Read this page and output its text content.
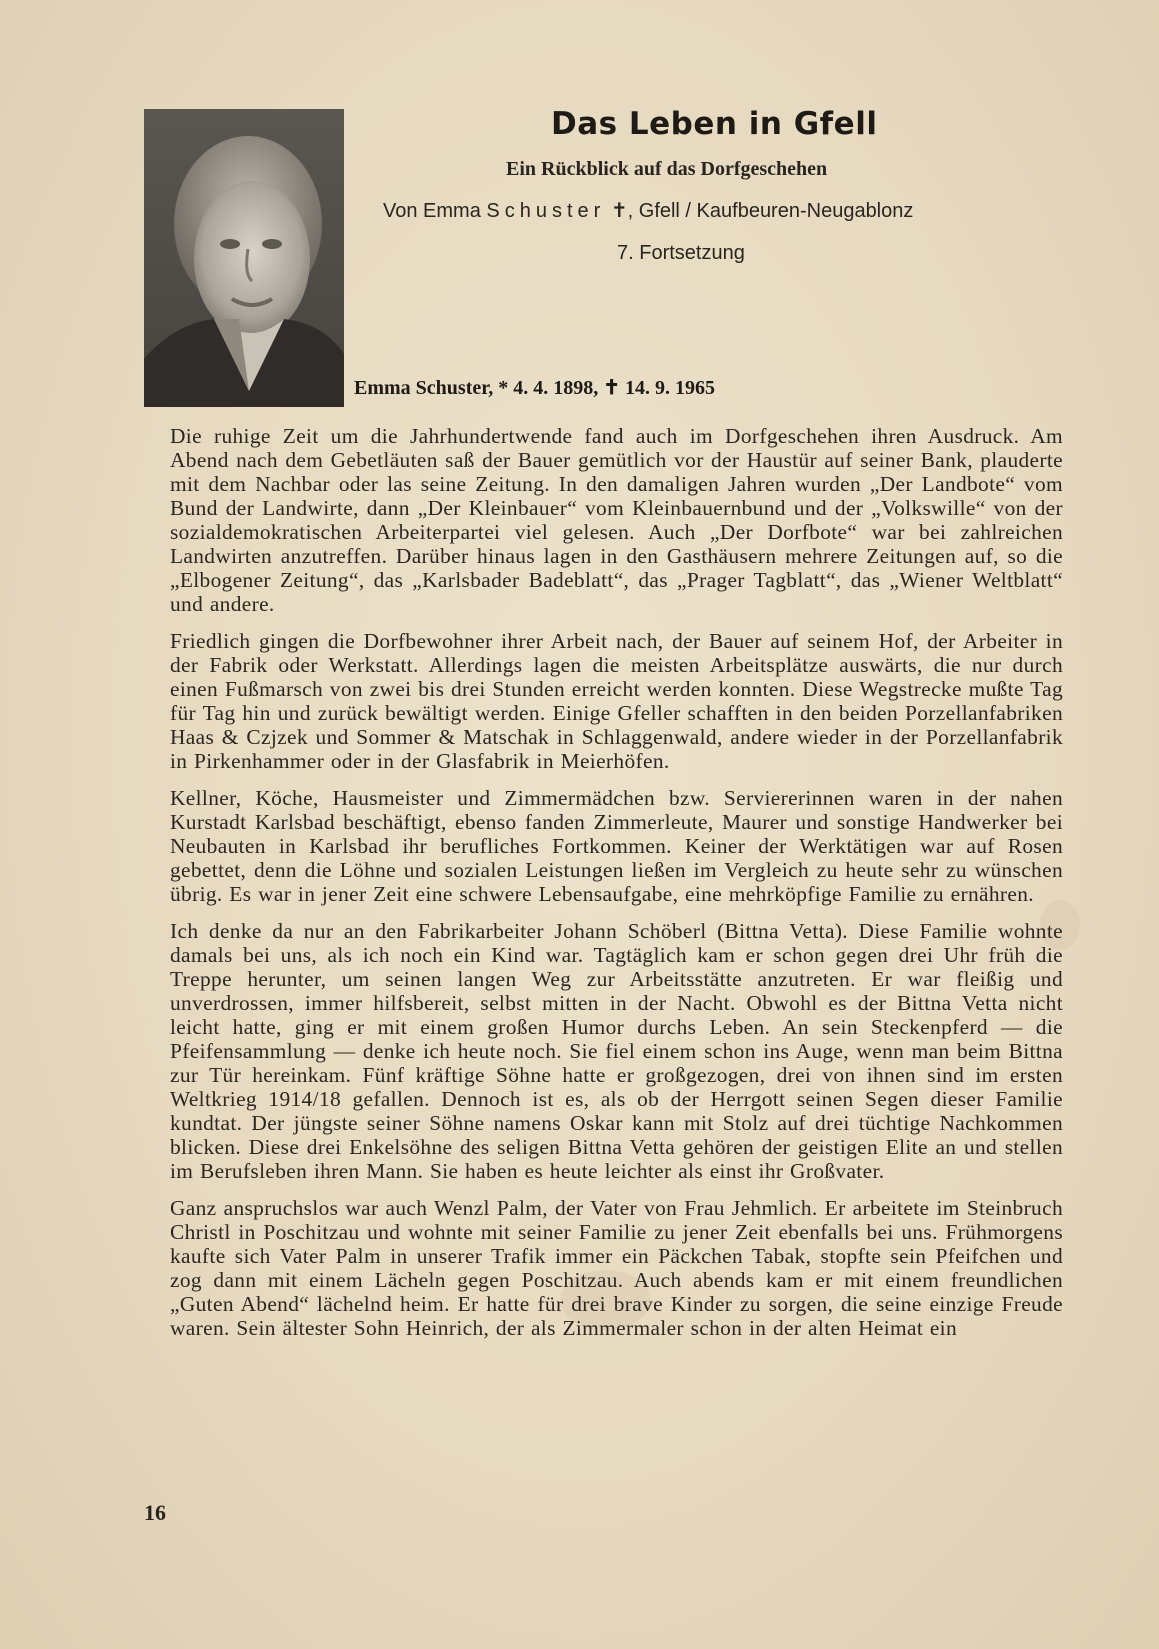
Das Leben in Gfell
Ein Rückblick auf das Dorfgeschehen
Von Emma Schuster ✝, Gfell / Kaufbeuren-Neugablonz
7. Fortsetzung
Emma Schuster, * 4. 4. 1898, ✝ 14. 9. 1965

Die ruhige Zeit um die Jahrhundertwende fand auch im Dorfgeschehen ihren Ausdruck. Am Abend nach dem Gebetläuten saß der Bauer gemütlich vor der Haustür auf seiner Bank, plauderte mit dem Nachbar oder las seine Zeitung. In den damaligen Jahren wurden „Der Landbote“ vom Bund der Landwirte, dann „Der Kleinbauer“ vom Kleinbauernbund und der „Volkswille“ von der sozialdemokratischen Arbeiterpartei viel gelesen. Auch „Der Dorfbote“ war bei zahlreichen Landwirten anzutreffen. Darüber hinaus lagen in den Gasthäusern mehrere Zeitungen auf, so die „Elbogener Zeitung“, das „Karlsbader Badeblatt“, das „Prager Tagblatt“, das „Wiener Weltblatt“ und andere.

Friedlich gingen die Dorfbewohner ihrer Arbeit nach, der Bauer auf seinem Hof, der Arbeiter in der Fabrik oder Werkstatt. Allerdings lagen die meisten Arbeitsplätze auswärts, die nur durch einen Fußmarsch von zwei bis drei Stunden erreicht werden konnten. Diese Wegstrecke mußte Tag für Tag hin und zurück bewältigt werden. Einige Gfeller schafften in den beiden Porzellanfabriken Haas & Czjzek und Sommer & Matschak in Schlaggenwald, andere wieder in der Porzellanfabrik in Pirkenhammer oder in der Glasfabrik in Meierhöfen.

Kellner, Köche, Hausmeister und Zimmermädchen bzw. Serviererinnen waren in der nahen Kurstadt Karlsbad beschäftigt, ebenso fanden Zimmerleute, Maurer und sonstige Handwerker bei Neubauten in Karlsbad ihr berufliches Fortkommen. Keiner der Werktätigen war auf Rosen gebettet, denn die Löhne und sozialen Leistungen ließen im Vergleich zu heute sehr zu wünschen übrig. Es war in jener Zeit eine schwere Lebensaufgabe, eine mehrköpfige Familie zu ernähren.

Ich denke da nur an den Fabrikarbeiter Johann Schöberl (Bittna Vetta). Diese Familie wohnte damals bei uns, als ich noch ein Kind war. Tagtäglich kam er schon gegen drei Uhr früh die Treppe herunter, um seinen langen Weg zur Arbeitsstätte anzutreten. Er war fleißig und unverdrossen, immer hilfsbereit, selbst mitten in der Nacht. Obwohl es der Bittna Vetta nicht leicht hatte, ging er mit einem großen Humor durchs Leben. An sein Steckenpferd — die Pfeifensammlung — denke ich heute noch. Sie fiel einem schon ins Auge, wenn man beim Bittna zur Tür hereinkam. Fünf kräftige Söhne hatte er großgezogen, drei von ihnen sind im ersten Weltkrieg 1914/18 gefallen. Dennoch ist es, als ob der Herrgott seinen Segen dieser Familie kundtat. Der jüngste seiner Söhne namens Oskar kann mit Stolz auf drei tüchtige Nachkommen blicken. Diese drei Enkelsöhne des seligen Bittna Vetta gehören der geistigen Elite an und stellen im Berufsleben ihren Mann. Sie haben es heute leichter als einst ihr Großvater.

Ganz anspruchslos war auch Wenzl Palm, der Vater von Frau Jehmlich. Er arbeitete im Steinbruch Christl in Poschitzau und wohnte mit seiner Familie zu jener Zeit ebenfalls bei uns. Frühmorgens kaufte sich Vater Palm in unserer Trafik immer ein Päckchen Tabak, stopfte sein Pfeifchen und zog dann mit einem Lächeln gegen Poschitzau. Auch abends kam er mit einem freundlichen „Guten Abend“ lächelnd heim. Er hatte für drei brave Kinder zu sorgen, die seine einzige Freude waren. Sein ältester Sohn Heinrich, der als Zimmermaler schon in der alten Heimat ein

16
